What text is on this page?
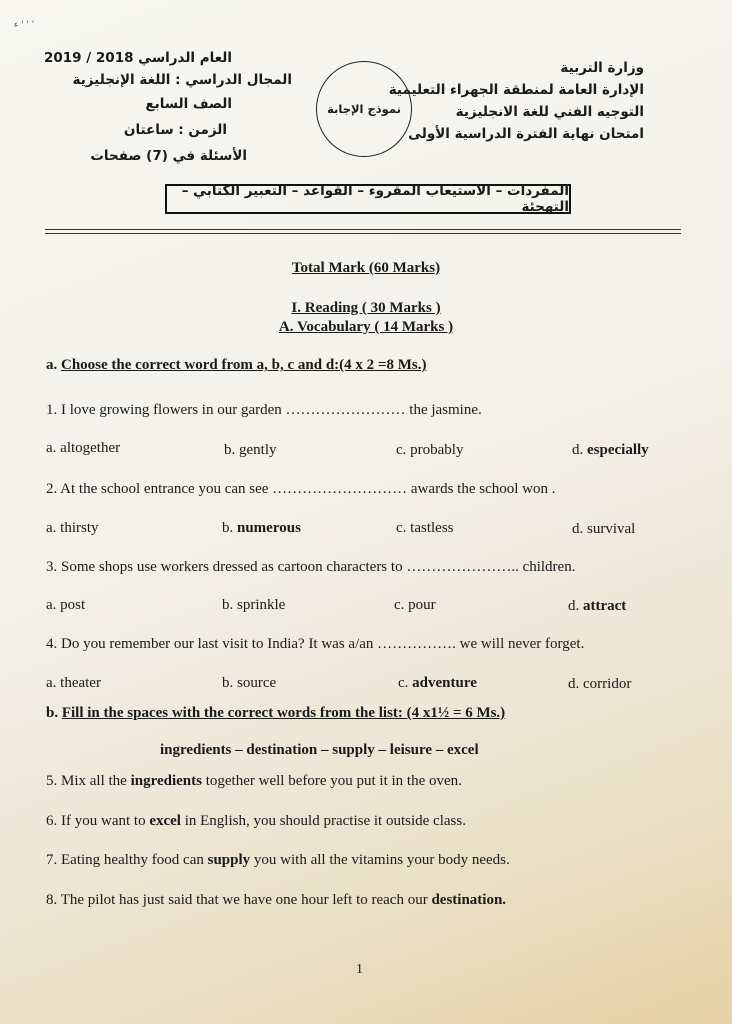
ء ' ' '
وزارة التربية
الإدارة العامة لمنطقة الجهراء التعليمية
التوجيه الفني للغة الانجليزية
امتحان نهاية الفترة الدراسية الأولى
العام الدراسي 2018 / 2019
المجال الدراسي : اللغة الإنجليزية
الصف السابع
الزمن : ساعتان
الأسئلة في (7) صفحات
نموذج الإجابة
المفردات – الاستيعاب المقروء – القواعد – التعبير الكتابي – التهجئة
Total Mark (60 Marks)
I. Reading ( 30 Marks )
A. Vocabulary ( 14 Marks )
a. Choose the correct word from a, b, c and d:(4 x 2 =8 Ms.)
1. I love growing flowers in our garden …………………… the jasmine.
a. altogether	b. gently	c. probably	d. especially
2. At the school entrance you can see ……………………… awards the school won .
a. thirsty	b. numerous	c. tastless	d. survival
3. Some shops use workers dressed as cartoon characters to ………………….. children.
a. post	b. sprinkle	c. pour	d. attract
4. Do you remember our last visit to India? It was a/an ……………. we will never forget.
a. theater	b. source	c. adventure	d. corridor
b. Fill in the spaces with the correct words from the list: (4 x1½ = 6 Ms.)
ingredients – destination – supply – leisure – excel
5. Mix all the ingredients together well before you put it in the oven.
6. If you want to excel in English, you should practise it outside class.
7. Eating healthy food can supply you with all the vitamins your body needs.
8. The pilot has just said that we have one hour left to reach our destination.
1
